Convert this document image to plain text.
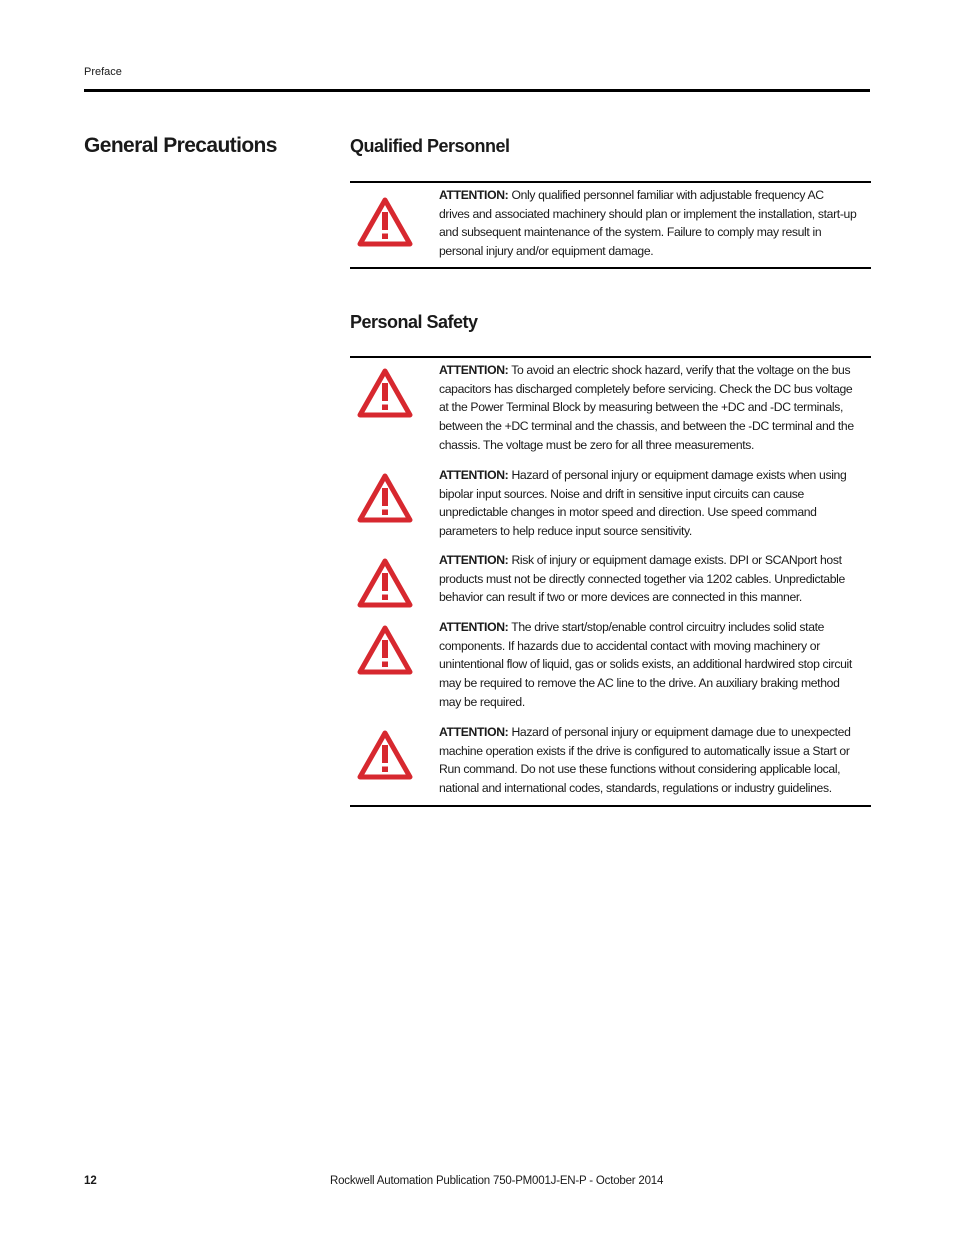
Preface
General Precautions	Qualified Personnel
ATTENTION: Only qualified personnel familiar with adjustable frequency AC drives and associated machinery should plan or implement the installation, start-up and subsequent maintenance of the system. Failure to comply may result in personal injury and/or equipment damage.
Personal Safety
ATTENTION: To avoid an electric shock hazard, verify that the voltage on the bus capacitors has discharged completely before servicing. Check the DC bus voltage at the Power Terminal Block by measuring between the +DC and -DC terminals, between the +DC terminal and the chassis, and between the -DC terminal and the chassis. The voltage must be zero for all three measurements.
ATTENTION: Hazard of personal injury or equipment damage exists when using bipolar input sources. Noise and drift in sensitive input circuits can cause unpredictable changes in motor speed and direction. Use speed command parameters to help reduce input source sensitivity.
ATTENTION: Risk of injury or equipment damage exists. DPI or SCANport host products must not be directly connected together via 1202 cables. Unpredictable behavior can result if two or more devices are connected in this manner.
ATTENTION: The drive start/stop/enable control circuitry includes solid state components. If hazards due to accidental contact with moving machinery or unintentional flow of liquid, gas or solids exists, an additional hardwired stop circuit may be required to remove the AC line to the drive. An auxiliary braking method may be required.
ATTENTION: Hazard of personal injury or equipment damage due to unexpected machine operation exists if the drive is configured to automatically issue a Start or Run command. Do not use these functions without considering applicable local, national and international codes, standards, regulations or industry guidelines.
12	Rockwell Automation Publication 750-PM001J-EN-P - October 2014
